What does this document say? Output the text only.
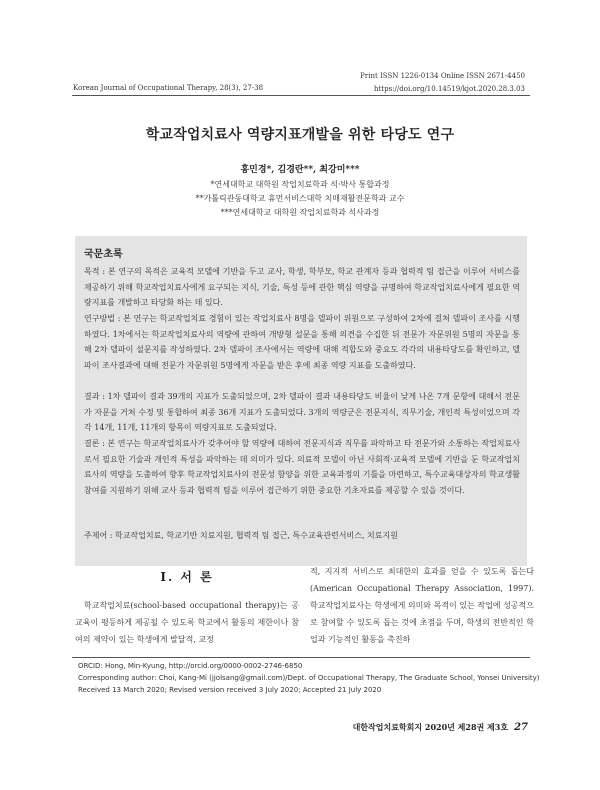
Print ISSN 1226-0134 Online ISSN 2671-4450
https://doi.org/10.14519/kjot.2020.28.3.03
Korean Journal of Occupational Therapy, 28(3), 27-38
학교작업치료사 역량지표개발을 위한 타당도 연구
홍민경*, 김경란**, 최강미***
*연세대학교 대학원 작업치료학과 석·박사 통합과정
**가톨릭관동대학교 휴먼서비스대학 치매재활전문학과 교수
***연세대학교 대학원 작업치료학과 석사과정
국문초록
목적 : 본 연구의 목적은 교육적 모델에 기반을 두고 교사, 학생, 학부모, 학교 관계자 등과 협력적 팀 접근을 이루어 서비스를 제공하기 위해 학교작업치료사에게 요구되는 지식, 기술, 특성 등에 관한 핵심 역량을 규명하여 학교작업치료사에게 필요한 역량지표를 개발하고 타당화 하는 데 있다.
연구방법 : 본 연구는 학교작업치료 경험이 있는 작업치료사 8명을 델파이 위원으로 구성하여 2차에 걸쳐 델파이 조사를 시행하였다. 1차에서는 학교작업치료사의 역량에 관하여 개방형 설문을 통해 의견을 수집한 뒤 전문가 자문위원 5명의 자문을 통해 2차 델파이 설문지를 작성하였다. 2차 델파이 조사에서는 역량에 대해 적합도와 중요도 각각의 내용타당도를 확인하고, 델파이 조사결과에 대해 전문가 자문위원 5명에게 자문을 받은 후에 최종 역량 지표를 도출하였다.
결과 : 1차 델파이 결과 39개의 지표가 도출되었으며, 2차 델파이 결과 내용타당도 비율이 낮게 나온 7개 문항에 대해서 전문가 자문을 거쳐 수정 및 통합하여 최종 36개 지표가 도출되었다. 3개의 역량군은 전문지식, 직무기술, 개인적 특성이었으며 각각 14개, 11개, 11개의 항목이 역량지표로 도출되었다.
결론 : 본 연구는 학교작업치료사가 갖추어야 할 역량에 대하여 전문지식과 직무를 파악하고 타 전문가와 소통하는 작업치료사로서 필요한 기술과 개인적 특성을 파악하는 데 의미가 있다. 의료적 모델이 아닌 사회적·교육적 모델에 기반을 둔 학교작업치료사의 역량을 도출하여 향후 학교작업치료사의 전문성 함양을 위한 교육과정의 기틀을 마련하고, 특수교육대상자의 학교생활 참여를 지원하기 위해 교사 등과 협력적 팀을 이루어 접근하기 위한 중요한 기초자료를 제공할 수 있을 것이다.
주제어 : 학교작업치료, 학교기반 치료지원, 협력적 팀 접근, 특수교육관련서비스, 치료지원
Ⅰ. 서 론
학교작업치료(school-based occupational therapy)는 공교육이 평등하게 제공될 수 있도록 학교에서 활동의 제한이나 참여의 제약이 있는 학생에게 발달적, 교정
적, 지지적 서비스로 최대한의 효과를 얻을 수 있도록 돕는다(American Occupational Therapy Association, 1997). 학교작업치료사는 학생에게 의미와 목적이 있는 작업에 성공적으로 참여할 수 있도록 돕는 것에 초점을 두며, 학생의 전반적인 학업과 기능적인 활동을 촉진하
ORCID: Hong, Min-Kyung, http://orcid.org/0000-0002-2746-6850
Corresponding author: Choi, Kang-Mi (jjolsang@gmail.com)/Dept. of Occupational Therapy, The Graduate School, Yonsei University)
Received 13 March 2020; Revised version received 3 July 2020; Accepted 21 July 2020
대한작업치료학회지 2020년 제28권 제3호 27
